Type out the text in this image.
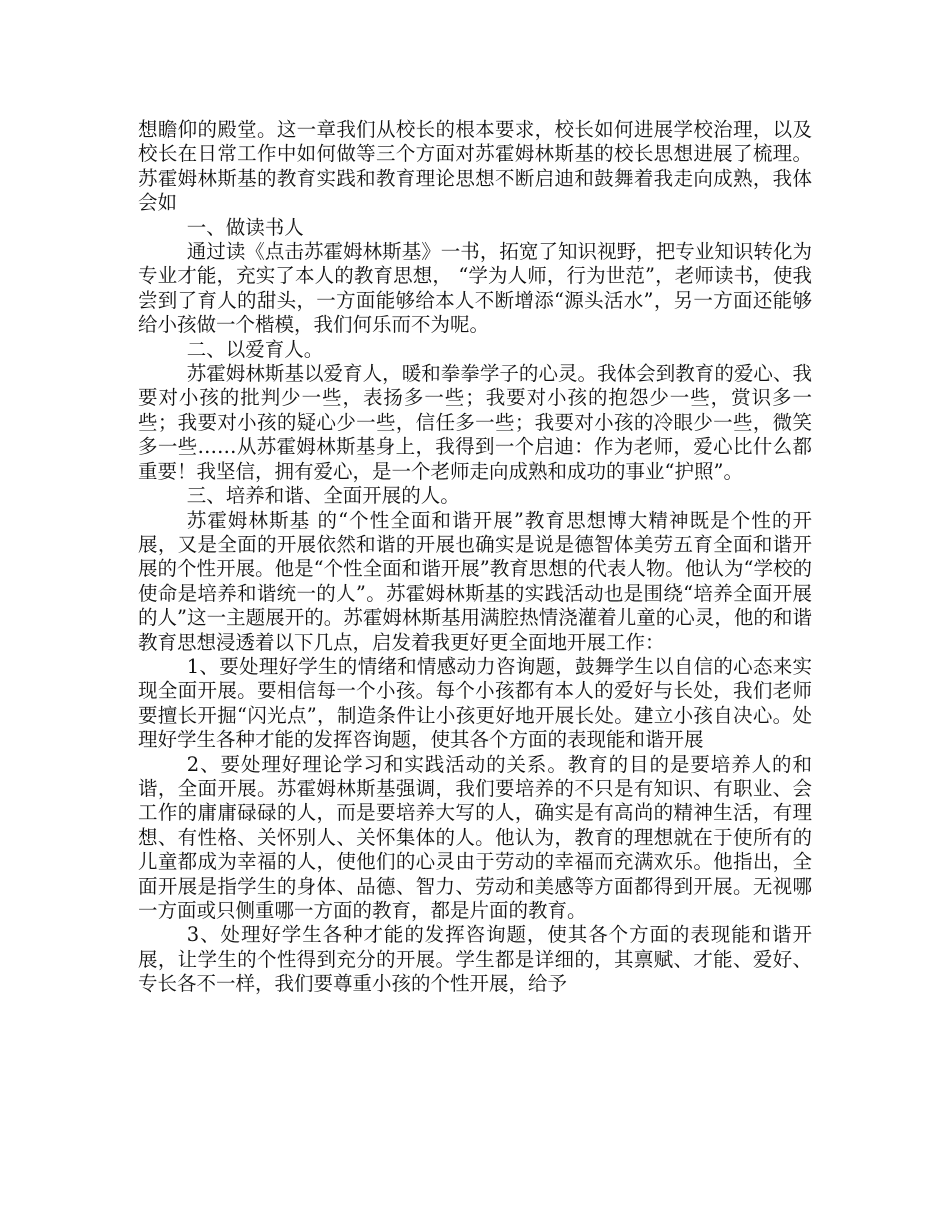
想瞻仰的殿堂。这一章我们从校长的根本要求，校长如何进展学校治理，以及校长在日常工作中如何做等三个方面对苏霍姆林斯基的校长思想进展了梳理。苏霍姆林斯基的教育实践和教育理论思想不断启迪和鼓舞着我走向成熟，我体会如

一、做读书人

通过读《点击苏霍姆林斯基》一书，拓宽了知识视野，把专业知识转化为专业才能，充实了本人的教育思想， “学为人师，行为世范”，老师读书，使我尝到了育人的甜头，一方面能够给本人不断增添“源头活水”，另一方面还能够给小孩做一个楷模，我们何乐而不为呢。

二、以爱育人。

苏霍姆林斯基以爱育人，暖和拳拳学子的心灵。我体会到教育的爱心、我要对小孩的批判少一些，表扬多一些；我要对小孩的抱怨少一些，赏识多一些；我要对小孩的疑心少一些，信任多一些；我要对小孩的冷眼少一些，微笑多一些……从苏霍姆林斯基身上，我得到一个启迪：作为老师，爱心比什么都重要！我坚信，拥有爱心，是一个老师走向成熟和成功的事业“护照”。

三、培养和谐、全面开展的人。

苏霍姆林斯基 的“个性全面和谐开展”教育思想博大精神既是个性的开展，又是全面的开展依然和谐的开展也确实是说是德智体美劳五育全面和谐开展的个性开展。他是“个性全面和谐开展”教育思想的代表人物。他认为“学校的使命是培养和谐统一的人”。苏霍姆林斯基的实践活动也是围绕“培养全面开展的人”这一主题展开的。苏霍姆林斯基用满腔热情浇灌着儿童的心灵，他的和谐教育思想浸透着以下几点，启发着我更好更全面地开展工作：

1、要处理好学生的情绪和情感动力咨询题，鼓舞学生以自信的心态来实现全面开展。要相信每一个小孩。每个小孩都有本人的爱好与长处，我们老师要擅长开掘“闪光点”，制造条件让小孩更好地开展长处。建立小孩自决心。处理好学生各种才能的发挥咨询题，使其各个方面的表现能和谐开展

2、要处理好理论学习和实践活动的关系。教育的目的是要培养人的和谐，全面开展。苏霍姆林斯基强调，我们要培养的不只是有知识、有职业、会工作的庸庸碌碌的人，而是要培养大写的人，确实是有高尚的精神生活，有理想、有性格、关怀别人、关怀集体的人。他认为，教育的理想就在于使所有的儿童都成为幸福的人，使他们的心灵由于劳动的幸福而充满欢乐。他指出，全面开展是指学生的身体、品德、智力、劳动和美感等方面都得到开展。无视哪一方面或只侧重哪一方面的教育，都是片面的教育。

3、处理好学生各种才能的发挥咨询题，使其各个方面的表现能和谐开展，让学生的个性得到充分的开展。学生都是详细的，其禀赋、才能、爱好、专长各不一样，我们要尊重小孩的个性开展，给予
